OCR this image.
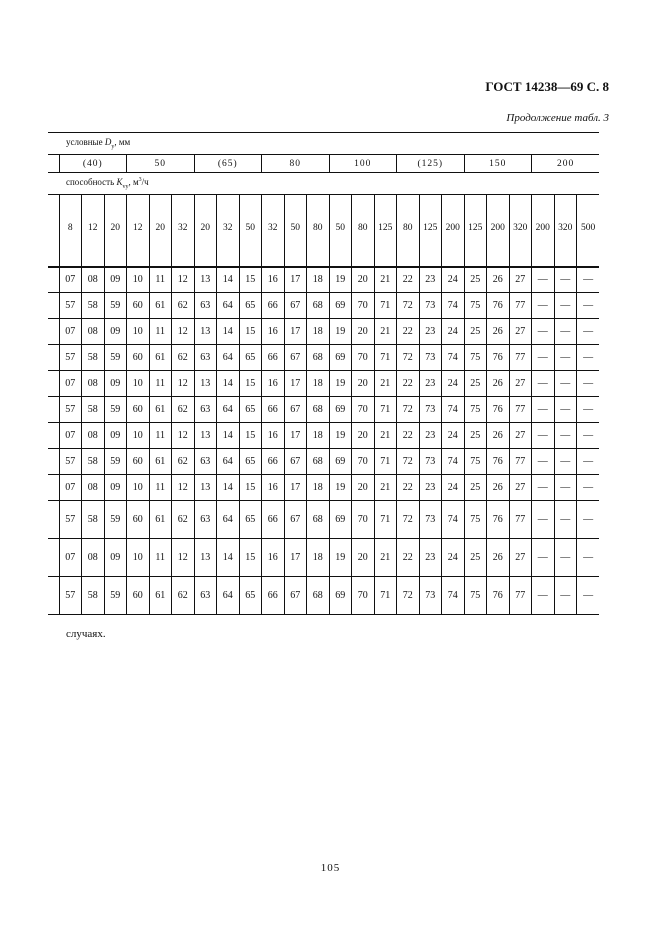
ГОСТ 14238—69 С. 8
Продолжение табл. 3
условные $D_y$, мм																								
	(40)			50			(65)			80			100			(125)			150			200		
способность $K_{vy}$, $м^3/ч$																								
	8	12	20	12	20	32	20	32	50	32	50	80	50	80	125	80	125	200	125	200	320	200	320	500

	07	08	09	10	11	12	13	14	15	16	17	18	19	20	21	22	23	24	25	26	27	—	—	—
	57	58	59	60	61	62	63	64	65	66	67	68	69	70	71	72	73	74	75	76	77	—	—	—
	07	08	09	10	11	12	13	14	15	16	17	18	19	20	21	22	23	24	25	26	27	—	—	—
	57	58	59	60	61	62	63	64	65	66	67	68	69	70	71	72	73	74	75	76	77	—	—	—
	07	08	09	10	11	12	13	14	15	16	17	18	19	20	21	22	23	24	25	26	27	—	—	—
	57	58	59	60	61	62	63	64	65	66	67	68	69	70	71	72	73	74	75	76	77	—	—	—
	07	08	09	10	11	12	13	14	15	16	17	18	19	20	21	22	23	24	25	26	27	—	—	—
	57	58	59	60	61	62	63	64	65	66	67	68	69	70	71	72	73	74	75	76	77	—	—	—
	07	08	09	10	11	12	13	14	15	16	17	18	19	20	21	22	23	24	25	26	27	—	—	—
	57	58	59	60	61	62	63	64	65	66	67	68	69	70	71	72	73	74	75	76	77	—	—	—
	07	08	09	10	11	12	13	14	15	16	17	18	19	20	21	22	23	24	25	26	27	—	—	—
	57	58	59	60	61	62	63	64	65	66	67	68	69	70	71	72	73	74	75	76	77	—	—	—
случаях.
105
